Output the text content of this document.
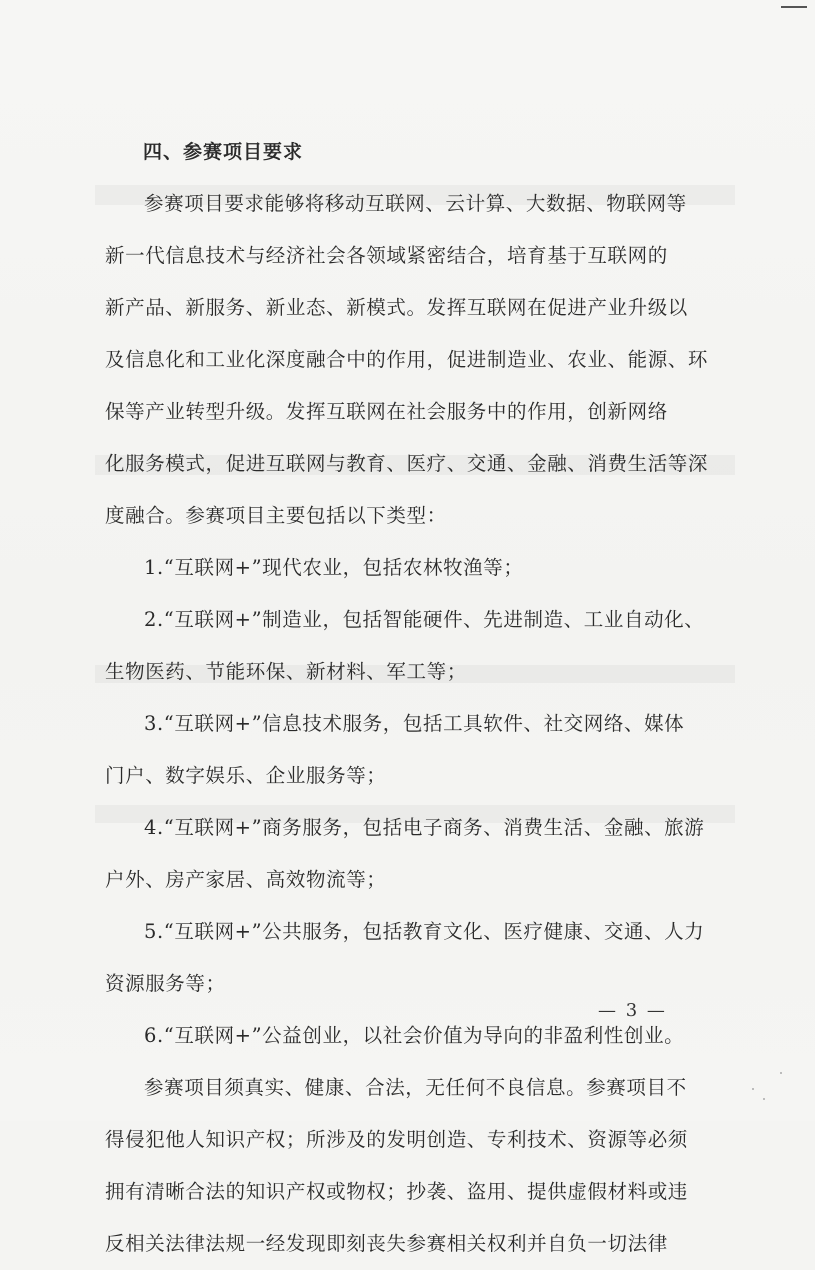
四、参赛项目要求

参赛项目要求能够将移动互联网、云计算、大数据、物联网等
新一代信息技术与经济社会各领域紧密结合，培育基于互联网的
新产品、新服务、新业态、新模式。发挥互联网在促进产业升级以
及信息化和工业化深度融合中的作用，促进制造业、农业、能源、环
保等产业转型升级。发挥互联网在社会服务中的作用，创新网络
化服务模式，促进互联网与教育、医疗、交通、金融、消费生活等深
度融合。参赛项目主要包括以下类型：

1.“互联网+”现代农业，包括农林牧渔等；

2.“互联网+”制造业，包括智能硬件、先进制造、工业自动化、
生物医药、节能环保、新材料、军工等；

3.“互联网+”信息技术服务，包括工具软件、社交网络、媒体
门户、数字娱乐、企业服务等；

4.“互联网+”商务服务，包括电子商务、消费生活、金融、旅游
户外、房产家居、高效物流等；

5.“互联网+”公共服务，包括教育文化、医疗健康、交通、人力
资源服务等；

6.“互联网+”公益创业，以社会价值为导向的非盈利性创业。

参赛项目须真实、健康、合法，无任何不良信息。参赛项目不
得侵犯他人知识产权；所涉及的发明创造、专利技术、资源等必须
拥有清晰合法的知识产权或物权；抄袭、盗用、提供虚假材料或违
反相关法律法规一经发现即刻丧失参赛相关权利并自负一切法律

— 3 —
